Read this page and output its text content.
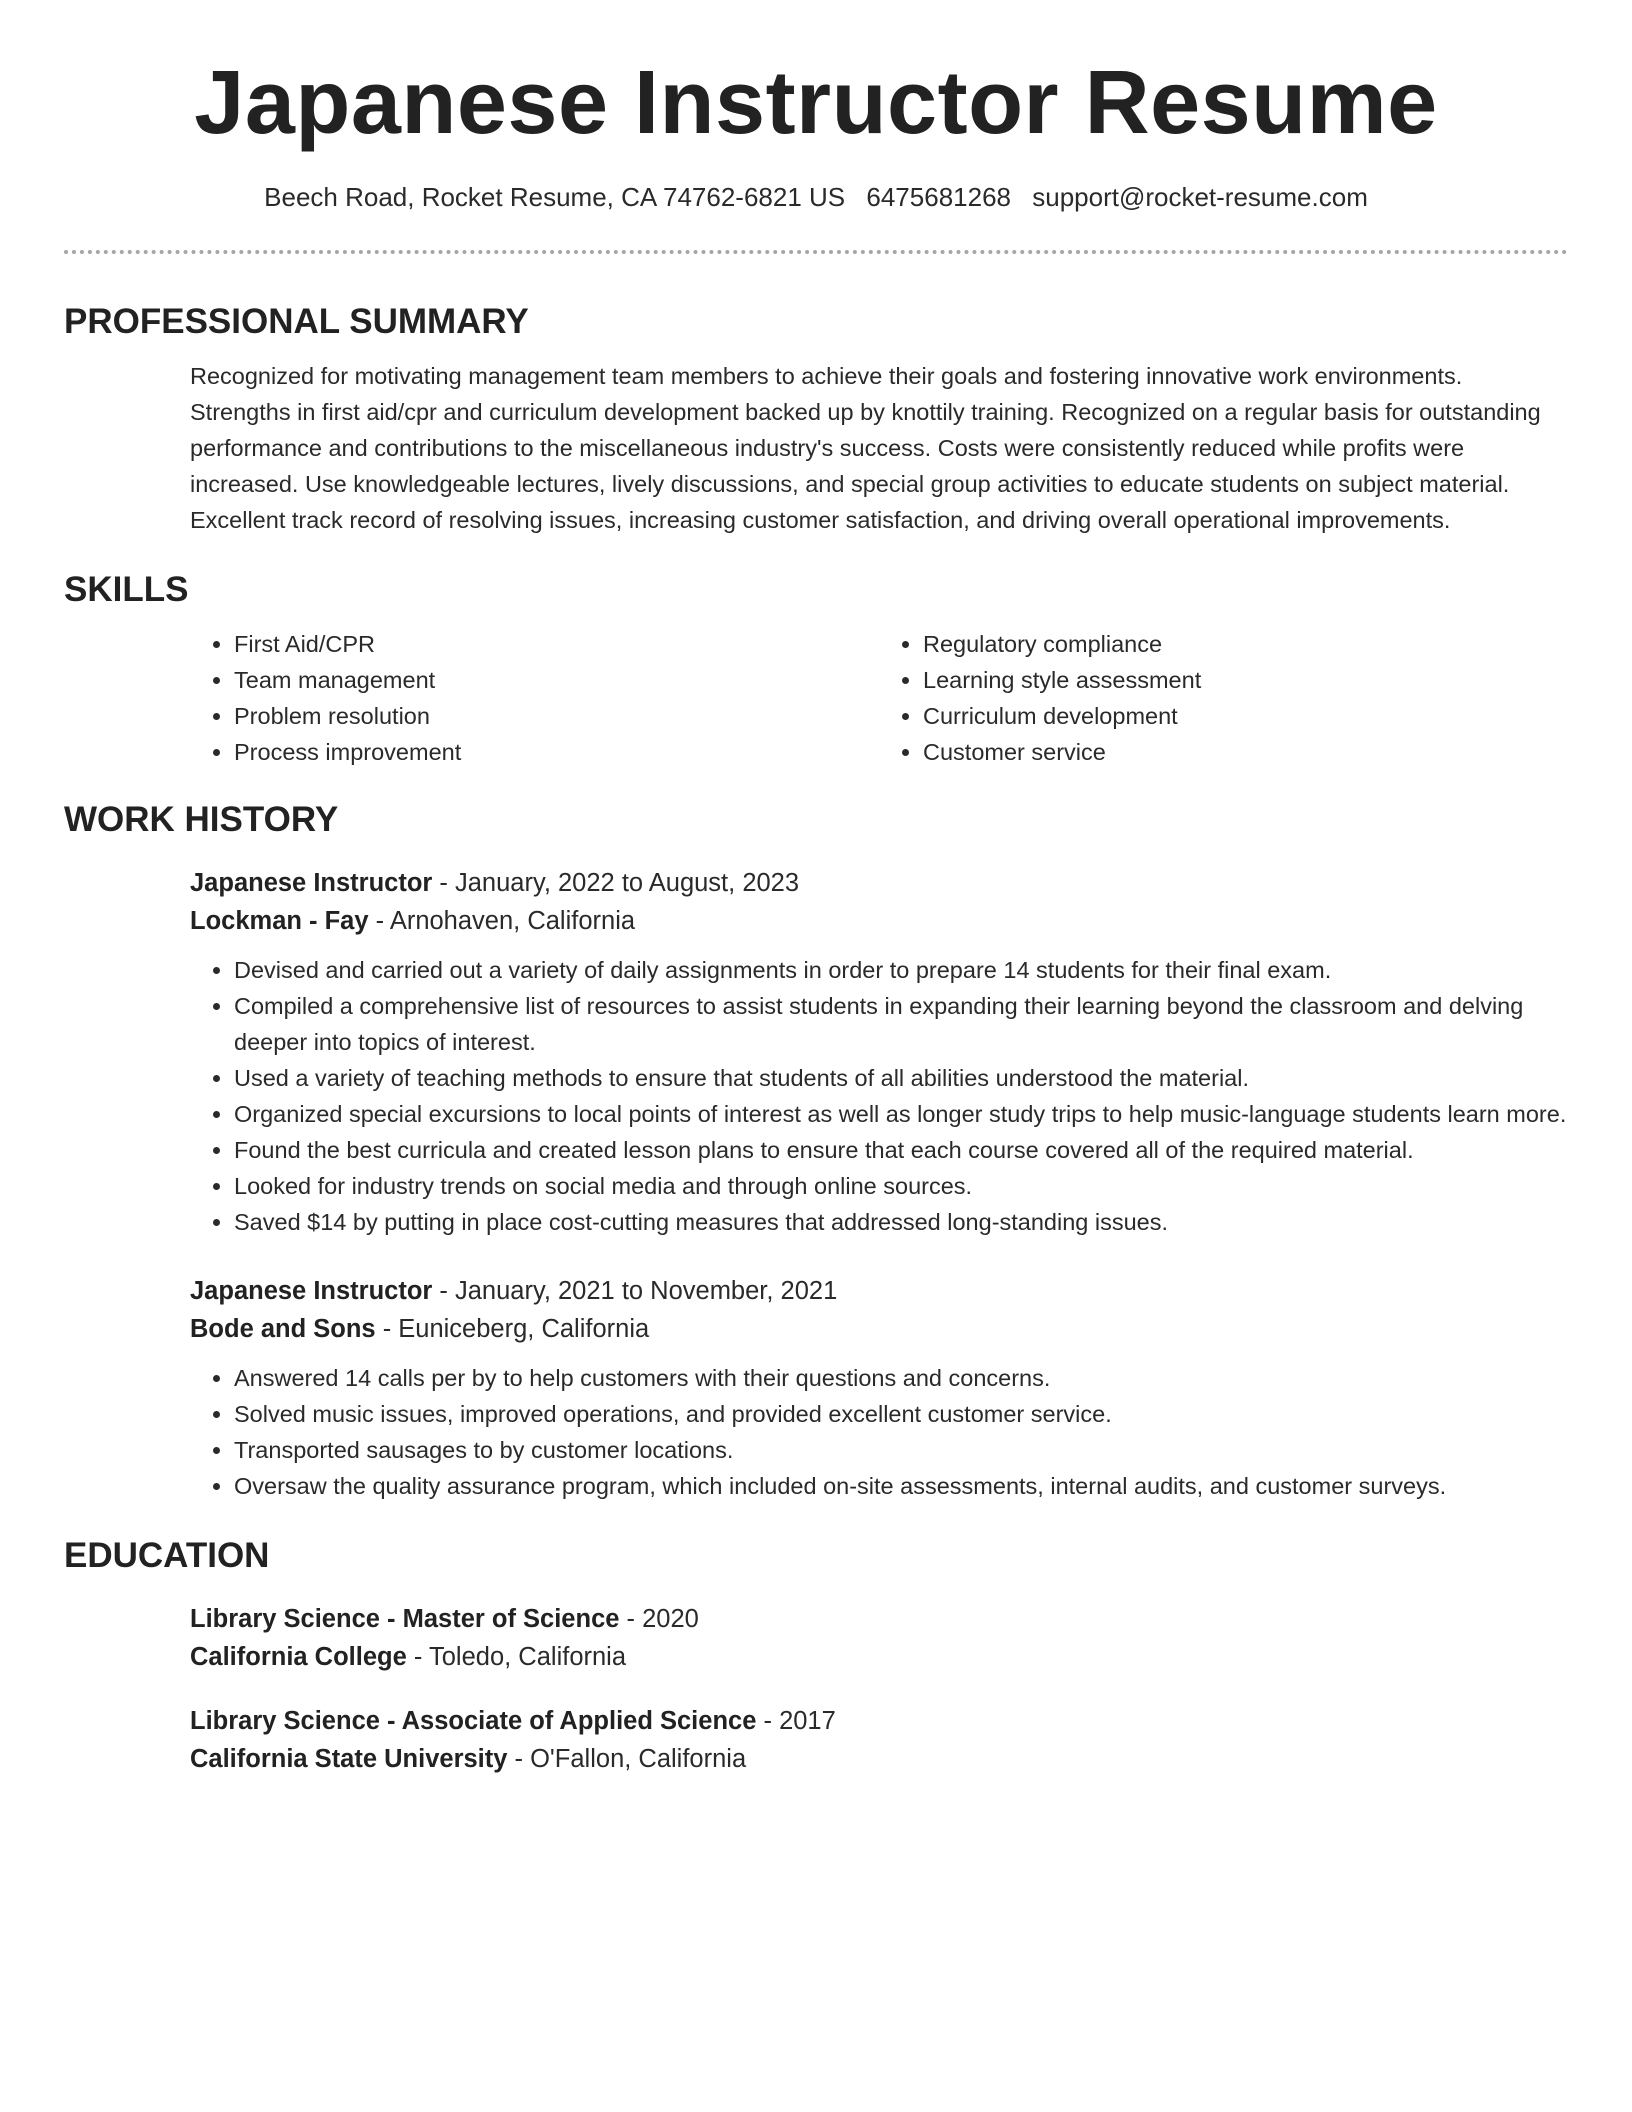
Japanese Instructor Resume
Beech Road, Rocket Resume, CA 74762-6821 US 6475681268 support@rocket-resume.com
PROFESSIONAL SUMMARY

Recognized for motivating management team members to achieve their goals and fostering innovative work environments. Strengths in first aid/cpr and curriculum development backed up by knottily training. Recognized on a regular basis for outstanding performance and contributions to the miscellaneous industry's success. Costs were consistently reduced while profits were increased. Use knowledgeable lectures, lively discussions, and special group activities to educate students on subject material. Excellent track record of resolving issues, increasing customer satisfaction, and driving overall operational improvements.

SKILLS
• First Aid/CPR
• Team management
• Problem resolution
• Process improvement
• Regulatory compliance
• Learning style assessment
• Curriculum development
• Customer service
WORK HISTORY
Japanese Instructor - January, 2022 to August, 2023
Lockman - Fay - Arnohaven, California
• Devised and carried out a variety of daily assignments in order to prepare 14 students for their final exam.
• Compiled a comprehensive list of resources to assist students in expanding their learning beyond the classroom and delving deeper into topics of interest.
• Used a variety of teaching methods to ensure that students of all abilities understood the material.
• Organized special excursions to local points of interest as well as longer study trips to help music-language students learn more.
• Found the best curricula and created lesson plans to ensure that each course covered all of the required material.
• Looked for industry trends on social media and through online sources.
• Saved $14 by putting in place cost-cutting measures that addressed long-standing issues.
Japanese Instructor - January, 2021 to November, 2021
Bode and Sons - Euniceberg, California
• Answered 14 calls per by to help customers with their questions and concerns.
• Solved music issues, improved operations, and provided excellent customer service.
• Transported sausages to by customer locations.
• Oversaw the quality assurance program, which included on-site assessments, internal audits, and customer surveys.
EDUCATION
Library Science - Master of Science - 2020
California College - Toledo, California
Library Science - Associate of Applied Science - 2017
California State University - O'Fallon, California
